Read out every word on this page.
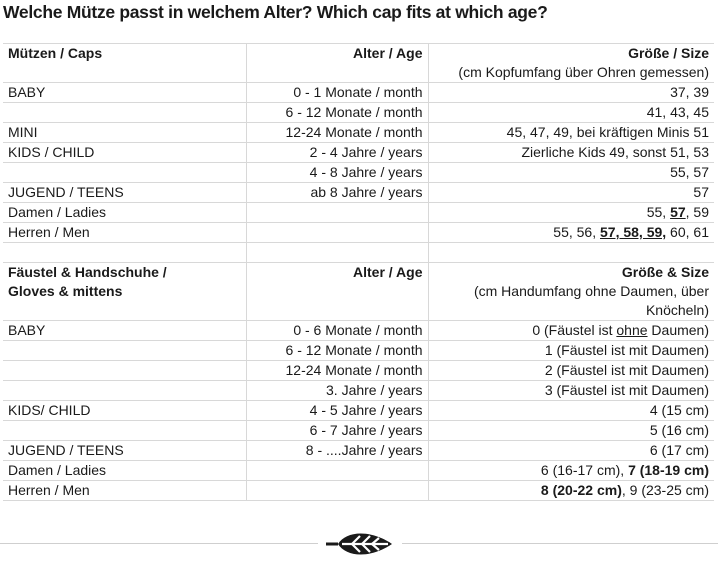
Welche Mütze passt in welchem Alter? Which cap fits at which age?
Mützen / Caps	Alter / Age	Größe / Size
(cm Kopfumfang über Ohren gemessen)

BABY	0 - 1 Monate / month	37, 39
	6 - 12 Monate / month	41, 43, 45
MINI	12-24 Monate / month	45, 47, 49, bei kräftigen Minis 51
KIDS / CHILD	2 - 4 Jahre / years	Zierliche Kids 49, sonst 51, 53
	4 - 8 Jahre / years	55, 57
JUGEND / TEENS	ab 8 Jahre / years	57
Damen / Ladies		55, 57, 59
Herren / Men		55, 56, 57, 58, 59, 60, 61

Fäustel & Handschuhe /
Gloves & mittens	Alter / Age	Größe & Size
(cm Handumfang ohne Daumen, über
Knöcheln)

BABY	0 - 6 Monate / month	0 (Fäustel ist ohne Daumen)
	6 - 12 Monate / month	1 (Fäustel ist mit Daumen)
	12-24 Monate / month	2 (Fäustel ist mit Daumen)
	3. Jahre / years	3 (Fäustel ist mit Daumen)
KIDS/ CHILD	4 - 5 Jahre / years	4 (15 cm)
	6 - 7 Jahre / years	5 (16 cm)
JUGEND / TEENS	8 - ....Jahre / years	6 (17 cm)
Damen / Ladies		6 (16-17 cm), 7 (18-19 cm)
Herren / Men		8 (20-22 cm), 9 (23-25 cm)
